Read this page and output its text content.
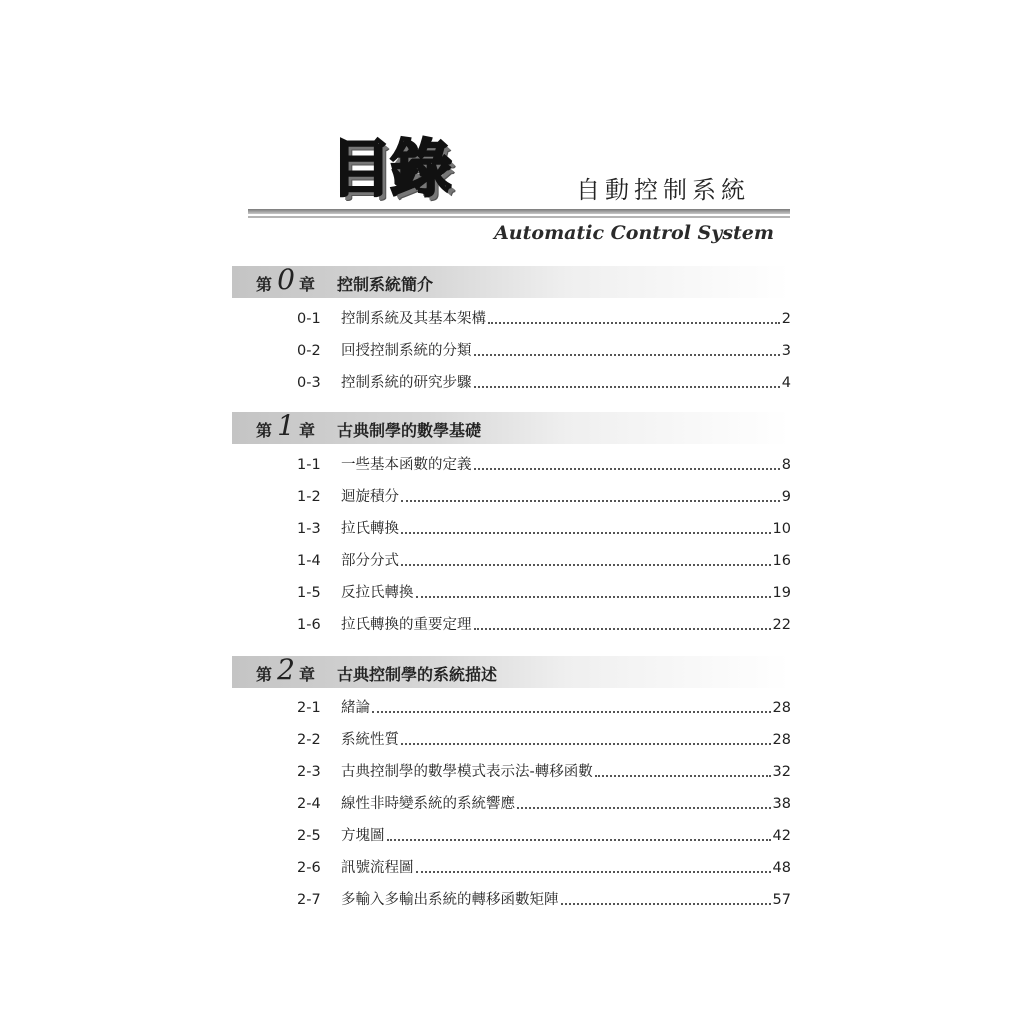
目錄	自動控制系統
Automatic Control System
第 0 章 控制系統簡介
0-1	控制系統及其基本架構	2
0-2	回授控制系統的分類	3
0-3	控制系統的研究步驟	4
第 1 章 古典制學的數學基礎
1-1	一些基本函數的定義	8
1-2	迴旋積分	9
1-3	拉氏轉換	10
1-4	部分分式	16
1-5	反拉氏轉換	19
1-6	拉氏轉換的重要定理	22
第 2 章 古典控制學的系統描述
2-1	緒論	28
2-2	系統性質	28
2-3	古典控制學的數學模式表示法-轉移函數	32
2-4	線性非時變系統的系統響應	38
2-5	方塊圖	42
2-6	訊號流程圖	48
2-7	多輸入多輸出系統的轉移函數矩陣	57
